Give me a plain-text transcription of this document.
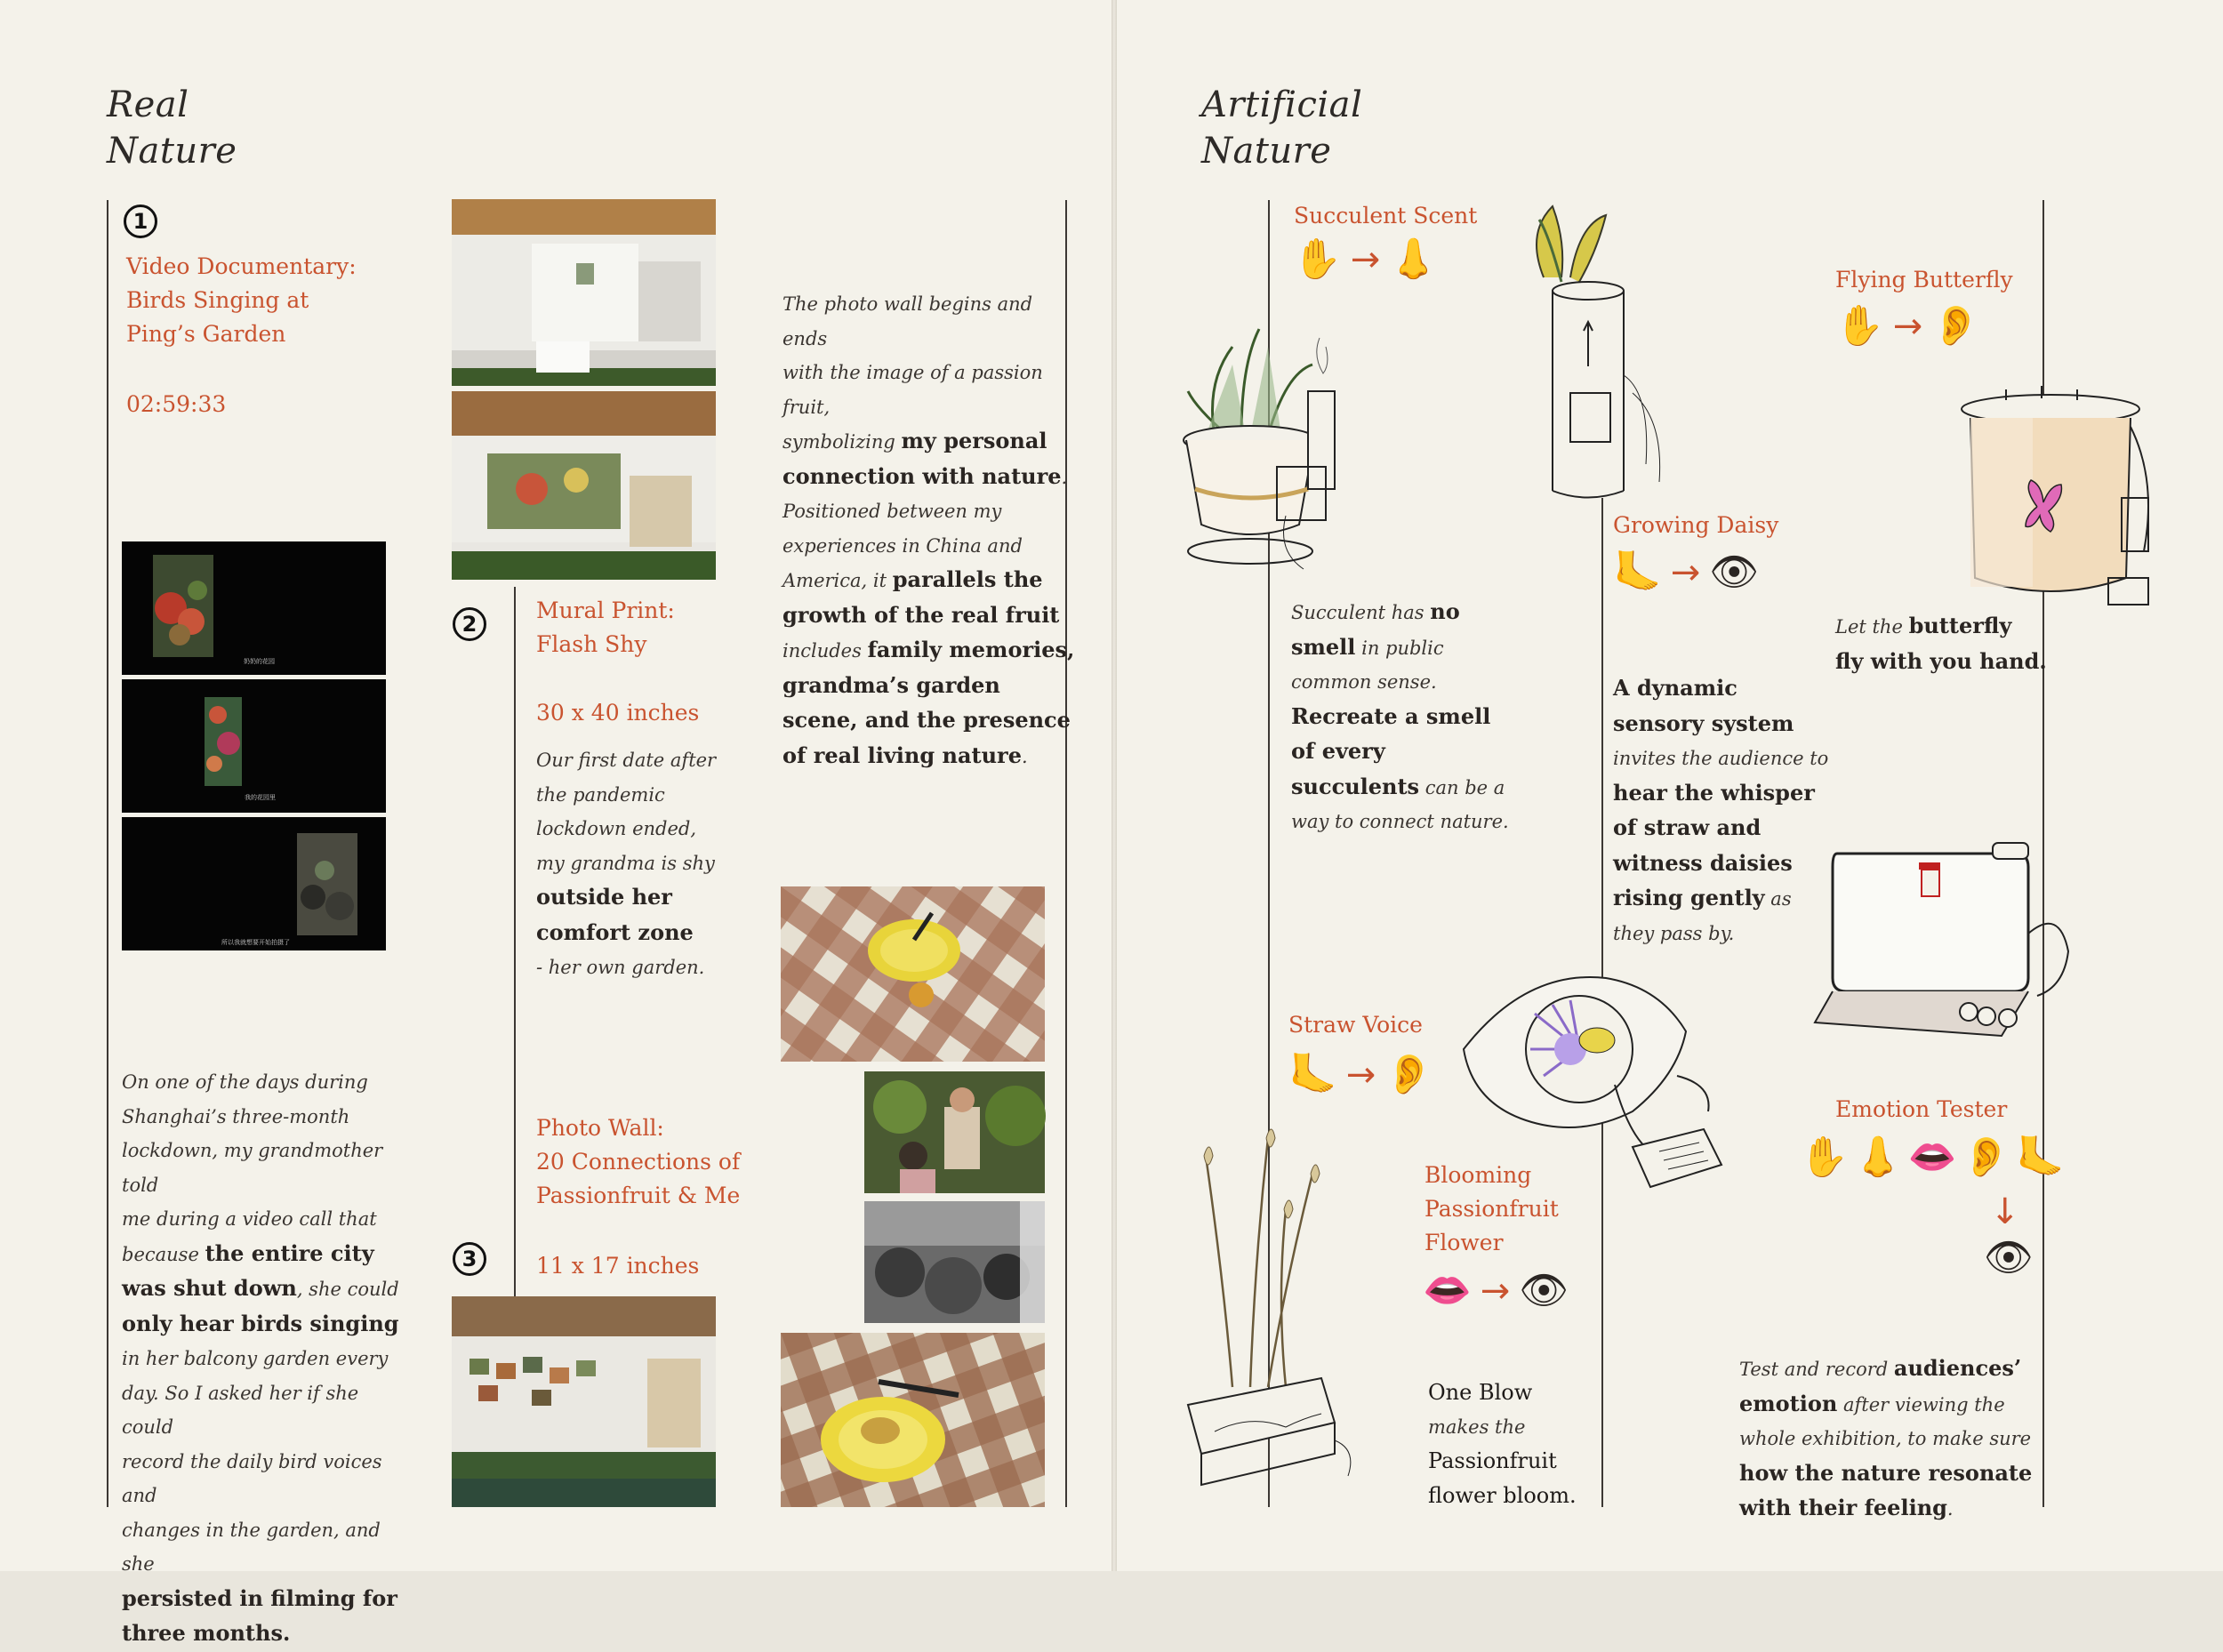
Real
Nature
1
Video Documentary:
Birds Singing at
Ping’s Garden
02:59:33
奶奶的花园
我的花园里
所以我就想要开始拍摄了
On one of the days during
Shanghai’s three-month
lockdown, my grandmother told
me during a video call that
because the entire city
was shut down, she could
only hear birds singing
in her balcony garden every
day. So I asked her if she could
record the daily bird voices and
changes in the garden, and she
persisted in filming for
three months.
2
Mural Print:
Flash Shy
30 x 40 inches
Our first date after
the pandemic
lockdown ended,
my grandma is shy
outside her
comfort zone
- her own garden.
Photo Wall:
20 Connections of
Passionfruit & Me
3	11 x 17 inches
The photo wall begins and ends
with the image of a passion fruit,
symbolizing my personal
connection with nature.
Positioned between my
experiences in China and
America, it parallels the
growth of the real fruit
includes family memories,
grandma’s garden
scene, and the presence
of real living nature.
Artificial
Nature
Succulent Scent
✋ → 👃
Succulent has no
smell in public
common sense.
Recreate a smell
of every
succulents can be a
way to connect nature.
Growing Daisy
🦶 → 👁
A dynamic
sensory system
invites the audience to
hear the whisper
of straw and
witness daisies
rising gently as
they pass by.
Flying Butterfly
✋ → 👂
Let the butterfly
fly with you hand.
Straw Voice
🦶 → 👂
Blooming
Passionfruit
Flower
👄 → 👁
One Blow
makes the
Passionfruit
flower bloom.
Emotion Tester
✋ 👃 👄 👂 🦶
↓
👁
Test and record audiences’
emotion after viewing the
whole exhibition, to make sure
how the nature resonate
with their feeling.
